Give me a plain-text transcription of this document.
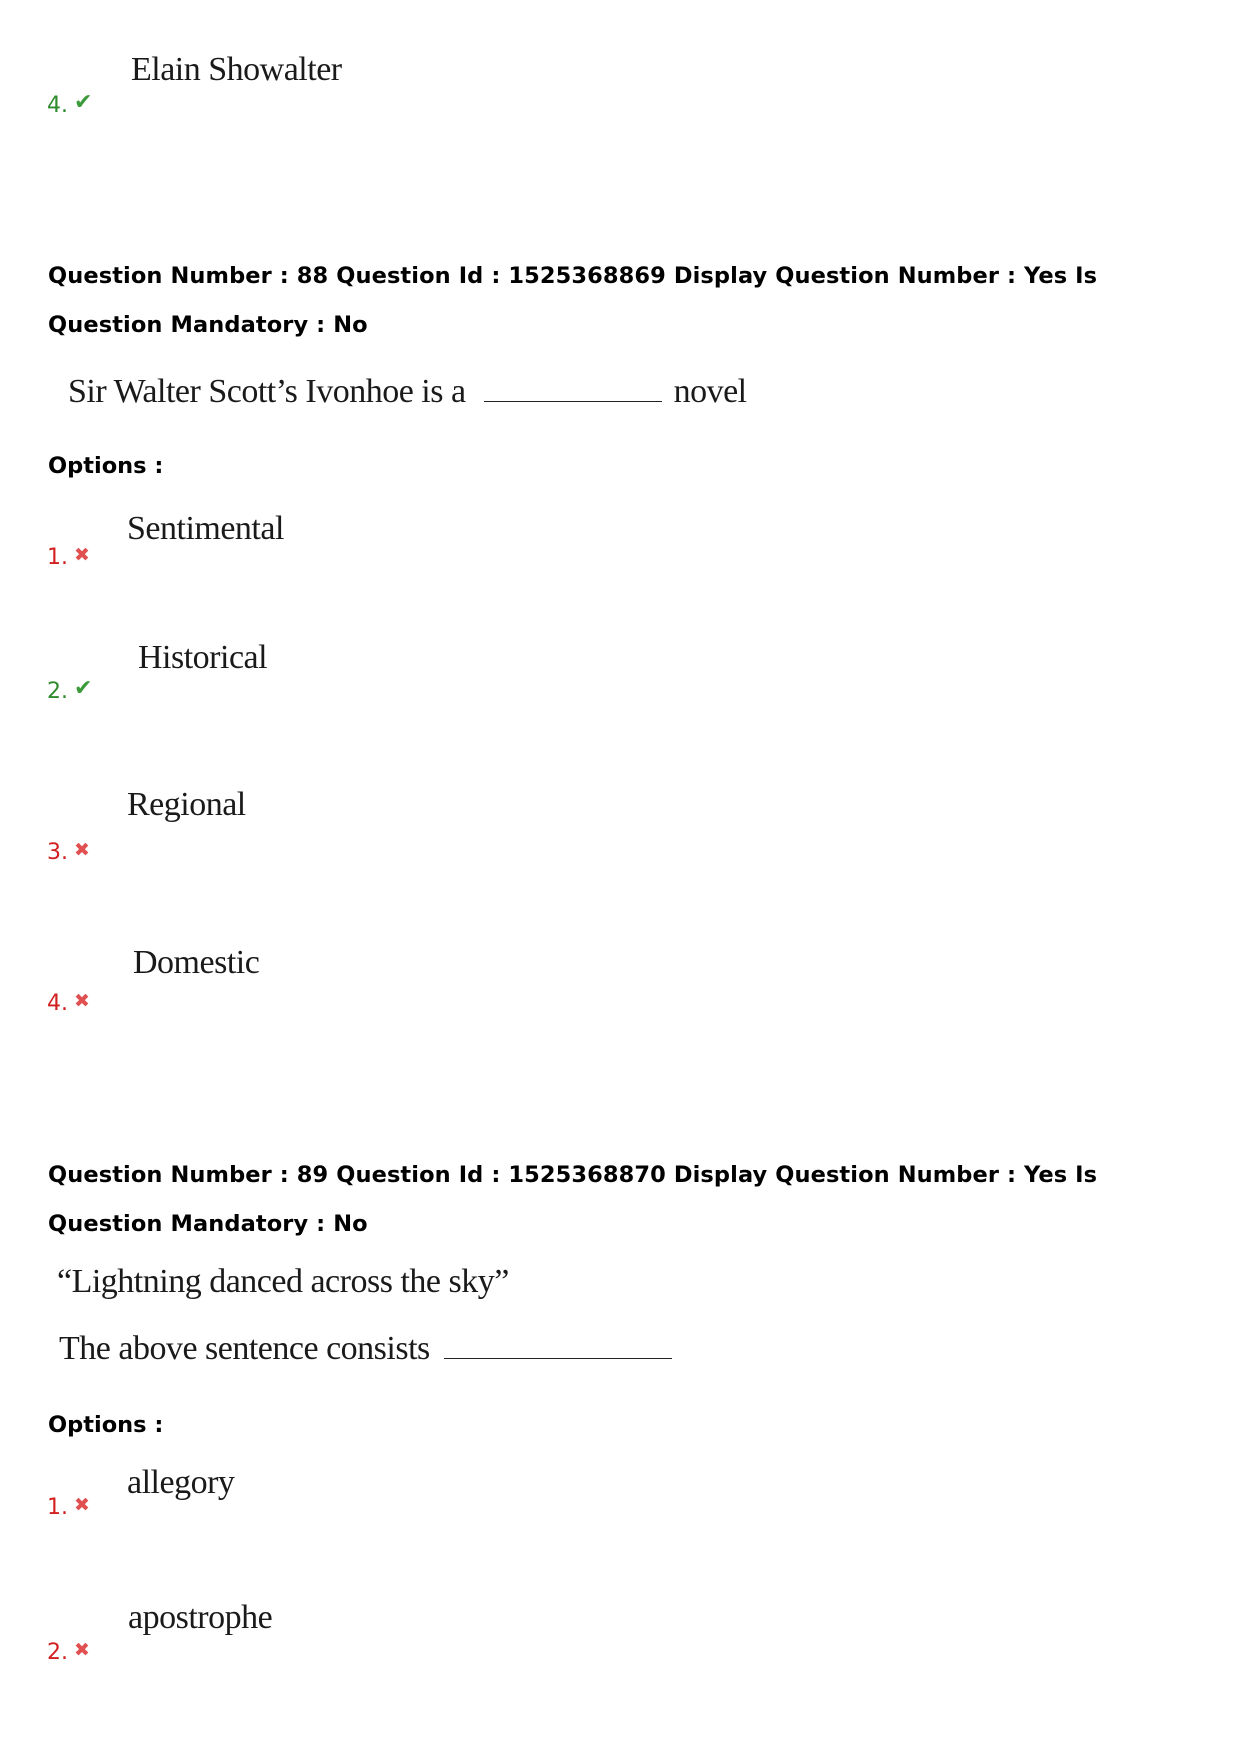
Elain Showalter
4. ✔
Question Number : 88 Question Id : 1525368869 Display Question Number : Yes Is Question Mandatory : No
Sir Walter Scott’s Ivonhoe is a	novel
Options :
Sentimental
1. ✖
Historical
2. ✔
Regional
3. ✖
Domestic
4. ✖
Question Number : 89 Question Id : 1525368870 Display Question Number : Yes Is Question Mandatory : No
“Lightning danced across the sky”
The above sentence consists
Options :
allegory
1. ✖
apostrophe
2. ✖
